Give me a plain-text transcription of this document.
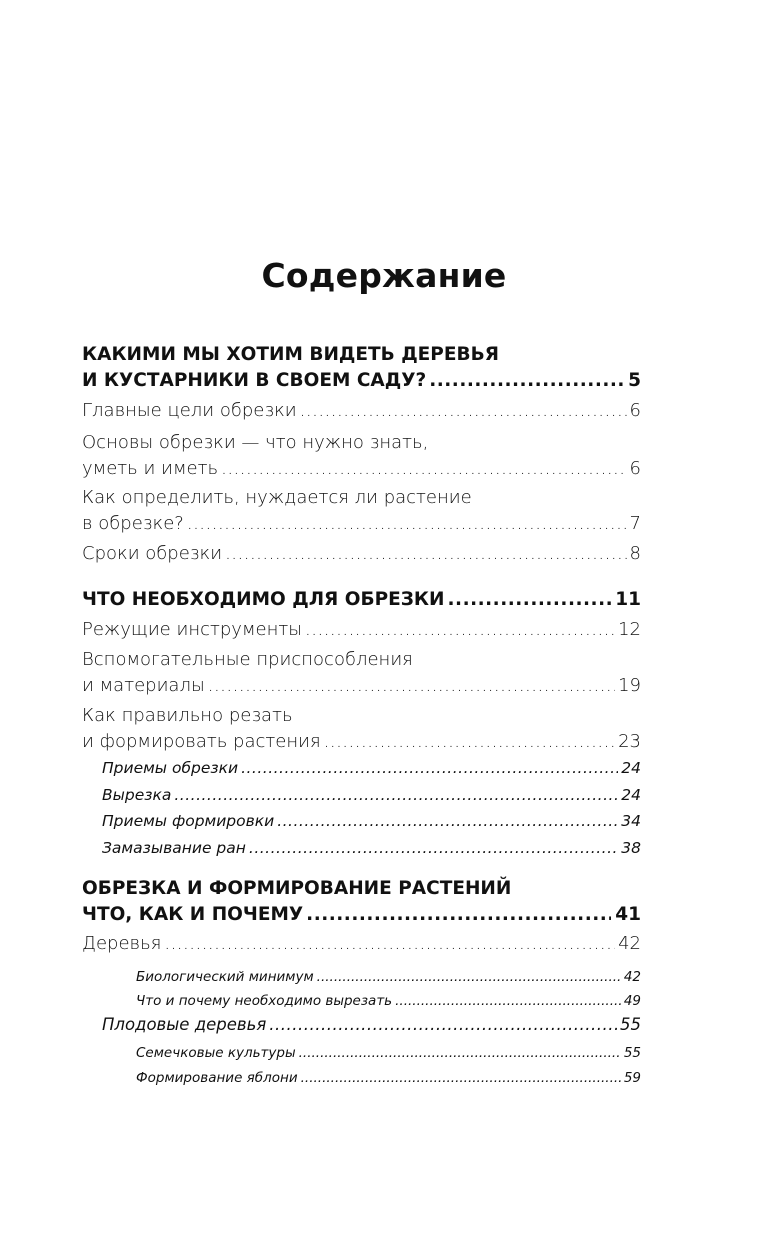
Содержание
КАКИМИ МЫ ХОТИМ ВИДЕТЬ ДЕРЕВЬЯ
И КУСТАРНИКИ В СВОЕМ САДУ? .....	5
Главные цели обрезки .....	6
Основы обрезки — что нужно знать,
уметь и иметь .....	6
Как определить, нуждается ли растение
в обрезке? .....	7
Сроки обрезки .....	8
ЧТО НЕОБХОДИМО ДЛЯ ОБРЕЗКИ .....	11
Режущие инструменты .....	12
Вспомогательные приспособления
и материалы .....	19
Как правильно резать
и формировать растения .....	23
Приемы обрезки .....	24
Вырезка .....	24
Приемы формировки .....	34
Замазывание ран .....	38
ОБРЕЗКА И ФОРМИРОВАНИЕ РАСТЕНИЙ
ЧТО, КАК И ПОЧЕМУ .....	41
Деревья .....	42
Биологический минимум .....	42
Что и почему необходимо вырезать .....	49
Плодовые деревья .....	55
Семечковые культуры .....	55
Формирование яблони .....	59
